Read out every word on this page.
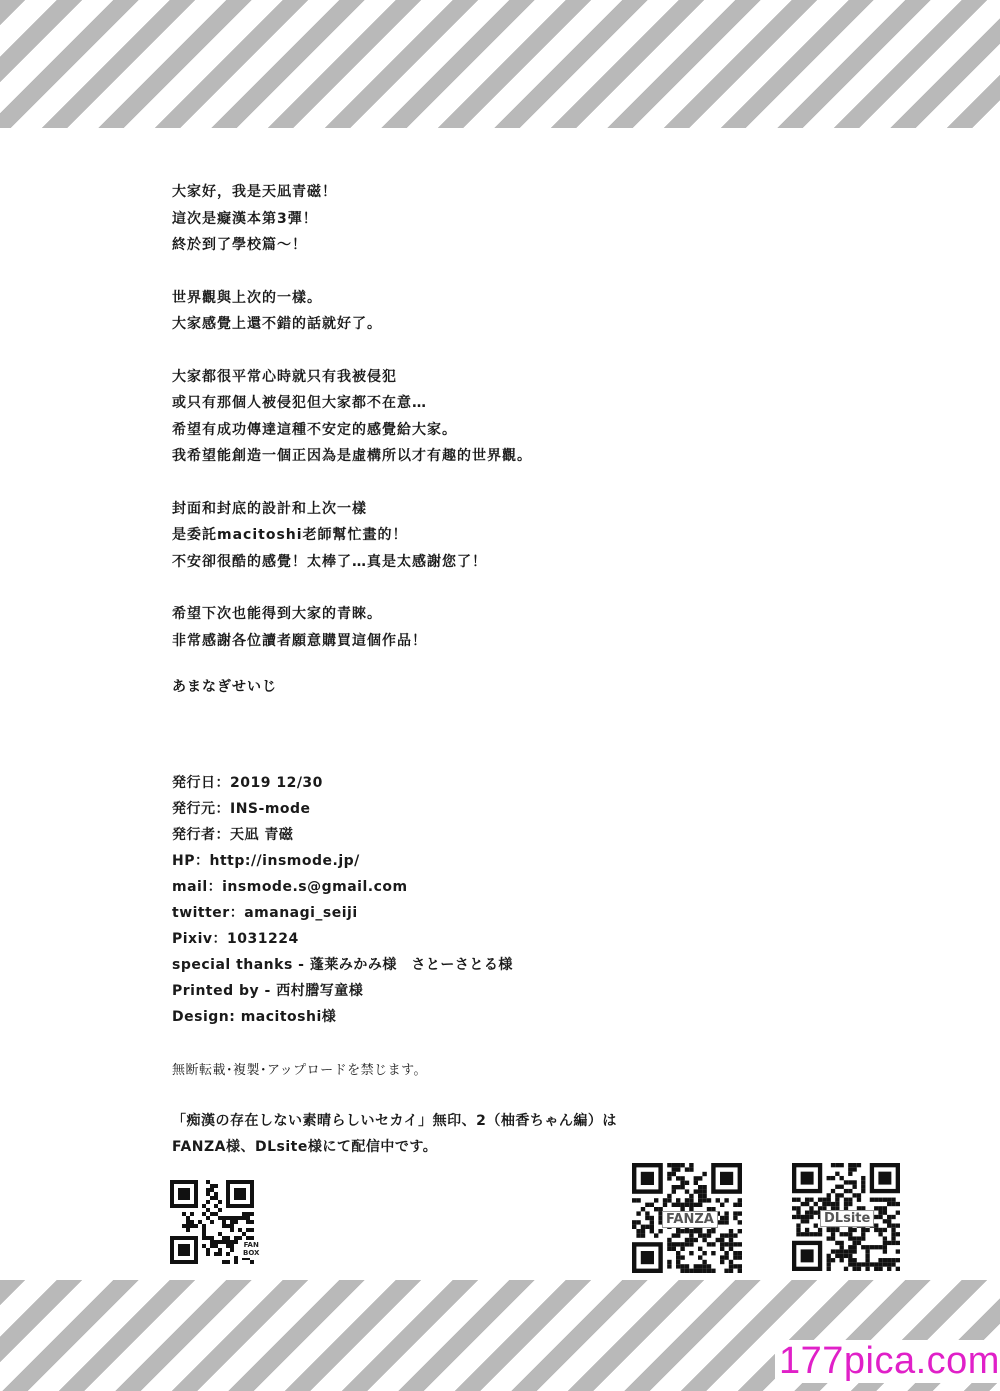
大家好，我是天凪青磁！

這次是癡漢本第3彈！

終於到了學校篇～！

世界觀與上次的一樣。

大家感覺上還不錯的話就好了。

大家都很平常心時就只有我被侵犯

或只有那個人被侵犯但大家都不在意…

希望有成功傳達這種不安定的感覺給大家。

我希望能創造一個正因為是虛構所以才有趣的世界觀。

封面和封底的設計和上次一樣

是委託macitoshi老師幫忙畫的！

不安卻很酷的感覺！太棒了…真是太感謝您了！

希望下次也能得到大家的青睞。

非常感謝各位讀者願意購買這個作品！

あまなぎせいじ

発行日：2019 12/30

発行元：INS-mode

発行者：天凪 青磁

HP：http://insmode.jp/

mail：insmode.s@gmail.com

twitter：amanagi_seiji

Pixiv：1031224

special thanks - 蓬莱みかみ様　さとーさとる様

Printed by - 西村謄写童様

Design: macitoshi様

無断転載･複製･アップロードを禁じます。

「痴漢の存在しない素晴らしいセカイ」無印、2（柚香ちゃん編）は

FANZA様、DLsite様にて配信中です。

FAN
BOX
FANZA	DLsite
177pica.com
